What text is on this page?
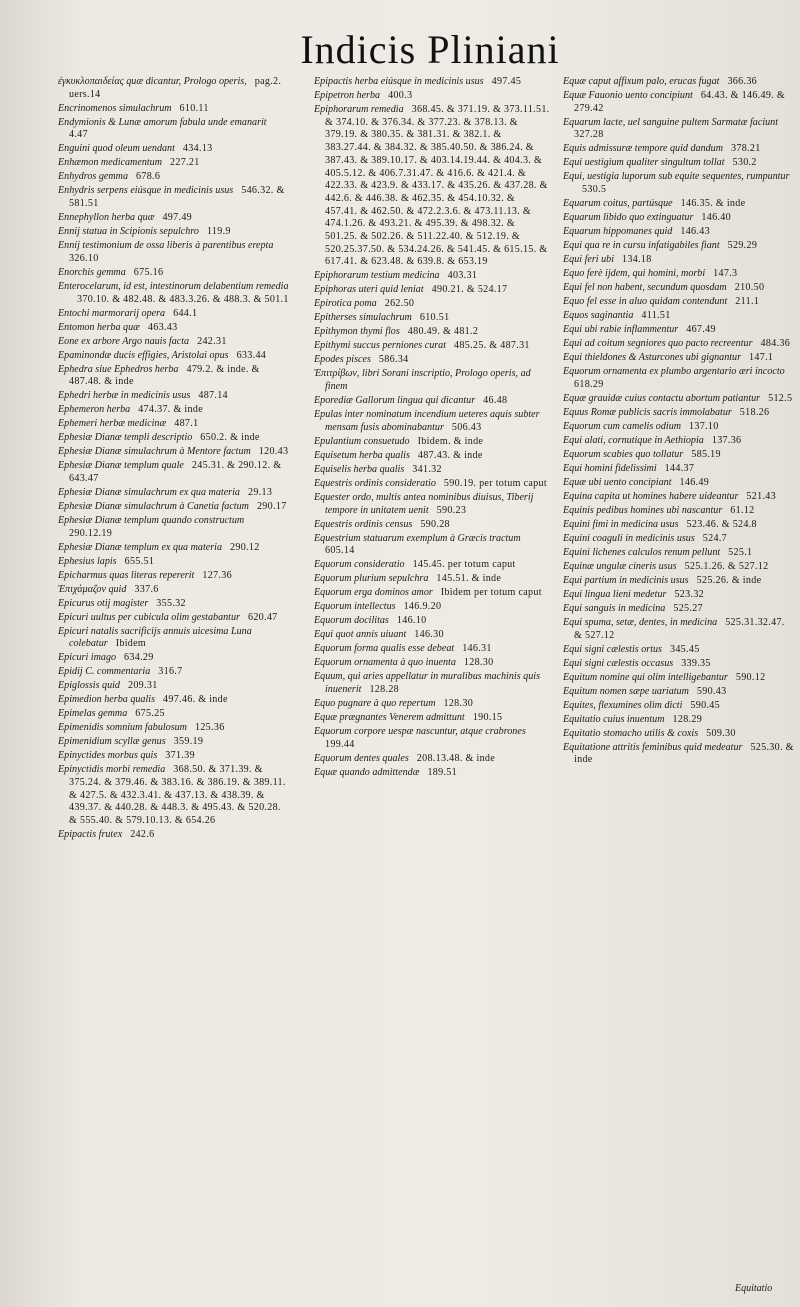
Indicis Pliniani
ἐγκυκλοπαιδείας quæ dicantur, Prologo operis, pag.2. uers.14
Encrinomenos simulachrum 610.11
Endymionis & Lunæ amorum fabula unde emanarit4.47
Enguini quod oleum uendant 434.13
Enhæmon medicamentum 227.21
Enhydros gemma 678.6
Enhydris serpens eiúsque in medicinis usus 546.32. & 581.51
Ennephyllon herba quæ 497.49
Ennij statua in Scipionis sepulchro 119.9
Ennij testimonium de ossa liberis à parentibus erepta326.10
Enorchis gemma 675.16
Enterocelarum, id est, intestinorum delabentium remedia370.10. & 482.48. & 483.3.26. & 488.3. & 501.1
Entochi marmorarij opera 644.1
Entomon herba quæ 463.43
Eone ex arbore Argo nauis facta 242.31
Epaminondæ ducis effigies, Aristolai opus 633.44
Ephedra siue Ephedros herba 479.2. & inde. & 487.48. & inde
Ephedri herbæ in medicinis usus 487.14
Ephemeron herba 474.37. & inde
Ephemeri herbæ medicinæ 487.1
Ephesiæ Dianæ templi descriptio 650.2. & inde
Ephesiæ Dianæ simulachrum à Mentore factum 120.43
Ephesiæ Dianæ templum quale 245.31. & 290.12. & 643.47
Ephesiæ Dianæ simulachrum ex qua materia 29.13
Ephesiæ Dianæ simulachrum à Canetia factum 290.17
Ephesiæ Dianæ templum quando constructum290.12.19
Ephesiæ Dianæ templum ex qua materia 290.12
Ephesius lapis 655.51
Epicharmus quas literas repererit 127.36
Ἐπιχάμαζον quid 337.6
Epicurus otij magister 355.32
Epicuri uultus per cubicula olim gestabantur 620.47
Epicuri natalis sacrificijs annuis uicesima Luna colebatur Ibidem
Epicuri imago 634.29
Epidij C. commentaria 316.7
Epiglossis quid 209.31
Epimedion herba qualis 497.46. & inde
Epimelas gemma 675.25
Epimenidis somnium fabulosum 125.36
Epimenidium scyllæ genus 359.19
Epinyctides morbus quis 371.39
Epinyctidis morbi remedia 368.50. & 371.39. & 375.24. & 379.46. & 383.16. & 386.19. & 389.11. & 427.5. & 432.3.41. & 437.13. & 438.39. & 439.37. & 440.28. & 448.3. & 495.43. & 520.28. & 555.40. & 579.10.13. & 654.26
Epipactis frutex 242.6
Epipactis herba eiúsque in medicinis usus 497.45
Epipetron herba 400.3
Epiphorarum remedia 368.45. & 371.19. & 373.11.51. & 374.10. & 376.34. & 377.23. & 378.13. & 379.19. & 380.35. & 381.31. & 382.1. & 383.27.44. & 384.32. & 385.40.50. & 386.24. & 387.43. & 389.10.17. & 403.14.19.44. & 404.3. & 405.5.12. & 406.7.31.47. & 416.6. & 421.4. & 422.33. & 423.9. & 433.17. & 435.26. & 437.28. & 442.6. & 446.38. & 462.35. & 454.10.32. & 457.41. & 462.50. & 472.2.3.6. & 473.11.13. & 474.1.26. & 493.21. & 495.39. & 498.32. & 501.25. & 502.26. & 511.22.40. & 512.19. & 520.25.37.50. & 534.24.26. & 541.45. & 615.15. & 617.41. & 623.48. & 639.8. & 653.19
Epiphorarum testium medicina 403.31
Epiphoras uteri quid leniat 490.21. & 524.17
Epirotica poma 262.50
Epitherses simulachrum 610.51
Epithymon thymi flos 480.49. & 481.2
Epithymi succus perniones curat 485.25. & 487.31
Epodes pisces 586.34
Ἐπιτρίβων, libri Sorani inscriptio, Prologo operis, ad finem
Eporediæ Gallorum lingua qui dicantur 46.48
Epulas inter nominatum incendium ueteres aquis subter mensam fusis abominabantur 506.43
Epulantium consuetudo Ibidem. & inde
Equisetum herba qualis 487.43. & inde
Equiselis herba qualis 341.32
Equestris ordinis consideratio 590.19. per totum caput
Equester ordo, multis antea nominibus diuisus, Tiberij tempore in unitatem uenit 590.23
Equestris ordinis census 590.28
Equestrium statuarum exemplum à Græcis tractum605.14
Equorum consideratio 145.45. per totum caput
Equorum plurium sepulchra 145.51. & inde
Equorum erga dominos amor Ibidem per totum caput
Equorum intellectus 146.9.20
Equorum docilitas 146.10
Equi quot annis uiuant 146.30
Equorum forma qualis esse debeat 146.31
Equorum ornamenta à quo inuenta 128.30
Equum, qui aries appellatur in muralibus machinis quis inuenerit 128.28
Equo pugnare à quo repertum 128.30
Equæ prægnantes Venerem admittunt 190.15
Equorum corpore uespæ nascuntur, atque crabrones199.44
Equorum dentes quales 208.13.48. & inde
Equæ quando admittendæ 189.51
Equæ caput affixum palo, erucas fugat 366.36
Equæ Fauonio uento concipiunt 64.43. & 146.49. & 279.42
Equarum lacte, uel sanguine pultem Sarmatæ faciunt327.28
Equis admissuræ tempore quid dandum 378.21
Equi uestigium qualiter singultum tollat 530.2
Equi, uestigia luporum sub equite sequentes, rumpuntur530.5
Equarum coitus, partúsque 146.35. & inde
Equarum libido quo extinguatur 146.40
Equarum hippomanes quid 146.43
Equi qua re in cursu infatigabiles fiant 529.29
Equi feri ubi 134.18
Equo ferè ijdem, qui homini, morbi 147.3
Equi fel non habent, secundum quosdam 210.50
Equo fel esse in aluo quidam contendunt 211.1
Equos saginantia 411.51
Equi ubi rabie inflammentur 467.49
Equi ad coitum segniores quo pacto recreentur 484.36
Equi thieldones & Asturcones ubi gignantur 147.1
Equorum ornamenta ex plumbo argentario æri incocto618.29
Equæ grauidæ cuius contactu abortum patiantur 512.5
Equus Romæ publicis sacris immolabatur 518.26
Equorum cum camelis odium 137.10
Equi alati, cornutique in Aethiopia 137.36
Equorum scabies quo tollatur 585.19
Equi homini fidelissimi 144.37
Equæ ubi uento concipiant 146.49
Equina capita ut homines habere uideantur 521.43
Equinis pedibus homines ubi nascantur 61.12
Equini fimi in medicina usus 523.46. & 524.8
Equini coaguli in medicinis usus 524.7
Equini lichenes calculos renum pellunt 525.1
Equinæ ungulæ cineris usus 525.1.26. & 527.12
Equi partium in medicinis usus 525.26. & inde
Equi lingua lieni medetur 523.32
Equi sanguis in medicina 525.27
Equi spuma, setæ, dentes, in medicina 525.31.32.47. & 527.12
Equi signi cælestis ortus 345.45
Equi signi cælestis occasus 339.35
Equitum nomine qui olim intelligebantur 590.12
Equitum nomen sæpe uariatum 590.43
Equites, flexumines olim dicti 590.45
Equitatio cuius inuentum 128.29
Equitatio stomacho utilis & coxis 509.30
Equitatione attritis feminibus quid medeatur 525.30. & inde
Equitatio
